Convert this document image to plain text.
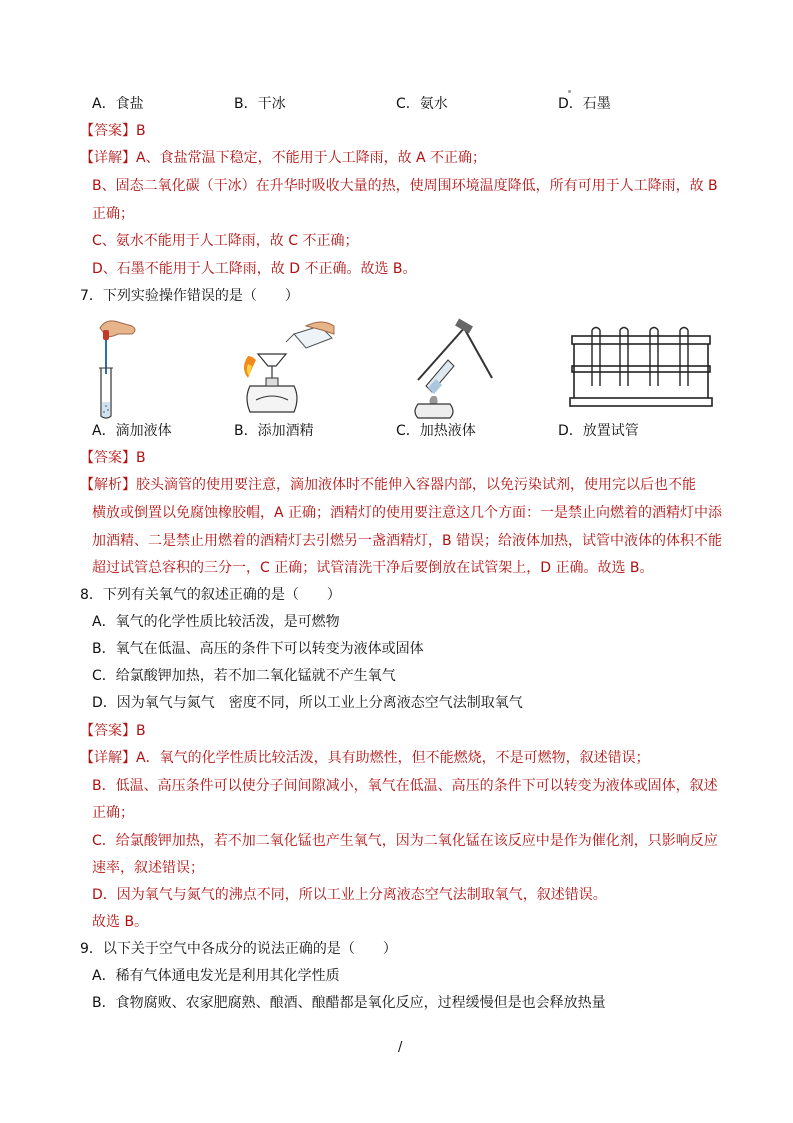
A．食盐	B．干冰	C．氨水	D．石墨
【答案】B
【详解】A、食盐常温下稳定，不能用于人工降雨，故 A 不正确；
B、固态二氧化碳（干冰）在升华时吸收大量的热，使周围环境温度降低，所有可用于人工降雨，故 B
正确；
C、氨水不能用于人工降雨，故 C 不正确；
D、石墨不能用于人工降雨，故 D 不正确。故选 B。
7．下列实验操作错误的是（　　）
A．滴加液体	B．添加酒精	C．加热液体	D．放置试管
【答案】B
【解析】胶头滴管的使用要注意，滴加液体时不能伸入容器内部，以免污染试剂，使用完以后也不能
横放或倒置以免腐蚀橡胶帽，A 正确；酒精灯的使用要注意这几个方面：一是禁止向燃着的酒精灯中添
加酒精、二是禁止用燃着的酒精灯去引燃另一盏酒精灯，B 错误；给液体加热，试管中液体的体积不能
超过试管总容积的三分一，C 正确；试管清洗干净后要倒放在试管架上，D 正确。故选 B。
8．下列有关氧气的叙述正确的是（　　）
A．氧气的化学性质比较活泼，是可燃物
B．氧气在低温、高压的条件下可以转变为液体或固体
C．给氯酸钾加热，若不加二氧化锰就不产生氧气
D．因为氧气与氮气　密度不同，所以工业上分离液态空气法制取氧气
【答案】B
【详解】A．氧气的化学性质比较活泼，具有助燃性，但不能燃烧，不是可燃物，叙述错误；
B．低温、高压条件可以使分子间间隙减小，氧气在低温、高压的条件下可以转变为液体或固体，叙述
正确；
C．给氯酸钾加热，若不加二氧化锰也产生氧气，因为二氧化锰在该反应中是作为催化剂，只影响反应
速率，叙述错误；
D．因为氧气与氮气的沸点不同，所以工业上分离液态空气法制取氧气，叙述错误。
故选 B。
9．以下关于空气中各成分的说法正确的是（　　）
A．稀有气体通电发光是利用其化学性质
B．食物腐败、农家肥腐熟、酿酒、酿醋都是氧化反应，过程缓慢但是也会释放热量
/
